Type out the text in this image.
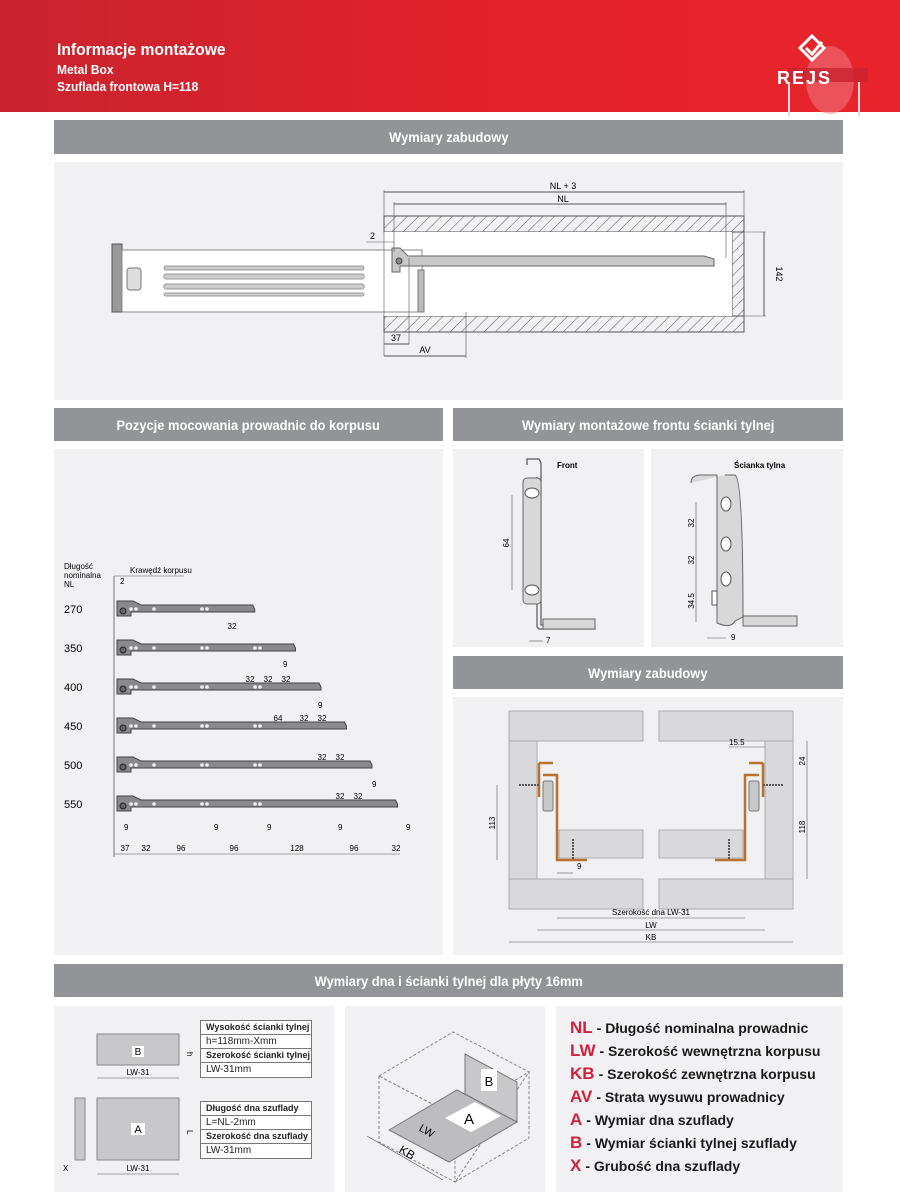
Informacje montażowe
Metal Box
Szuflada frontowa H=118	REJS
Wymiary zabudowy
NL + 3
NL
2
37
AV
142
Pozycje mocowania prowadnic do korpusu	Wymiary montażowe frontu ścianki tylnej
Długość
nominalna
NL
Krawędź korpusu
2
270
350
400
450
500
550
37 32	96	96	128	96	32
9	9	9	9	9
32
9
32 32 32
9
64 32 32
32 32
9
32 32
Front
64
7
Ścianka tylna
32
32
34.5
9
Wymiary zabudowy
113
24
118
15.5
9
Szerokość dna LW-31
LW
KB
Wymiary dna i ścianki tylnej dla płyty 16mm
B	h
LW-31
A	L
LW-31
X
Wysokość ścianki tylnej
h=118mm-Xmm
Szerokość ścianki tylnej
LW-31mm
Długość dna szuflady
L=NL-2mm
Szerokość dna szuflady
LW-31mm
B
A
LW
KB
NL - Długość nominalna prowadnic
LW - Szerokość wewnętrzna korpusu
KB - Szerokość zewnętrzna korpusu
AV - Strata wysuwu prowadnicy
A - Wymiar dna szuflady
B - Wymiar ścianki tylnej szuflady
X - Grubość dna szuflady
